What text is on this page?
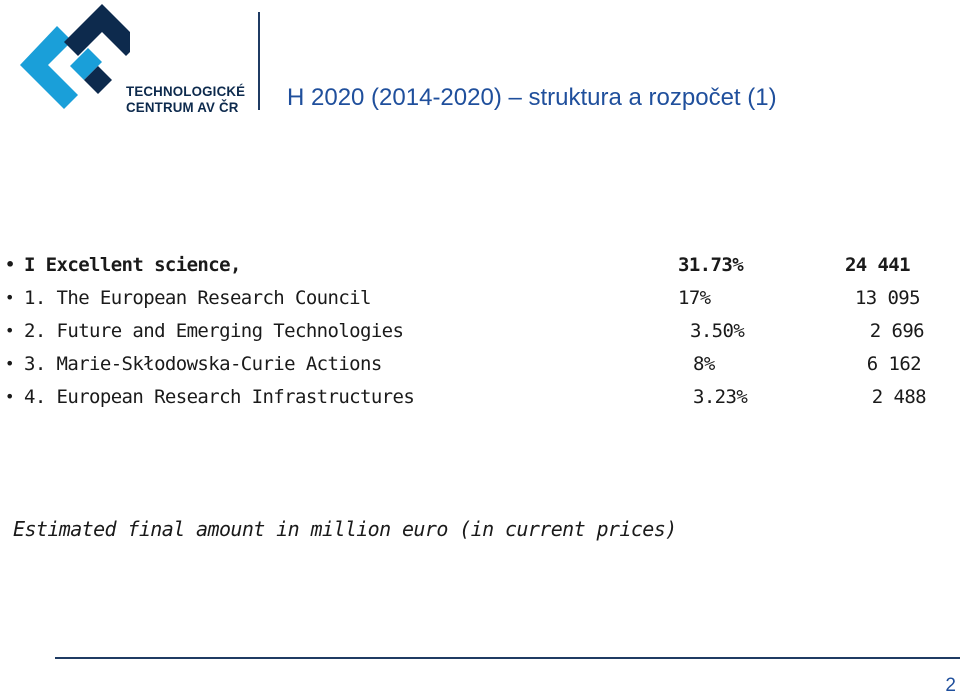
TECHNOLOGICKÉ
CENTRUM AV ČR H 2020 (2014-2020) – struktura a rozpočet (1)
• I Excellent science,	31.73%	24 441
• 1. The European Research Council	17%	13 095
• 2. Future and Emerging Technologies	3.50%	2 696
• 3. Marie-Skłodowska-Curie Actions	8%	6 162
• 4. European Research Infrastructures	3.23%	2 488
Estimated final amount in million euro (in current prices)
2
